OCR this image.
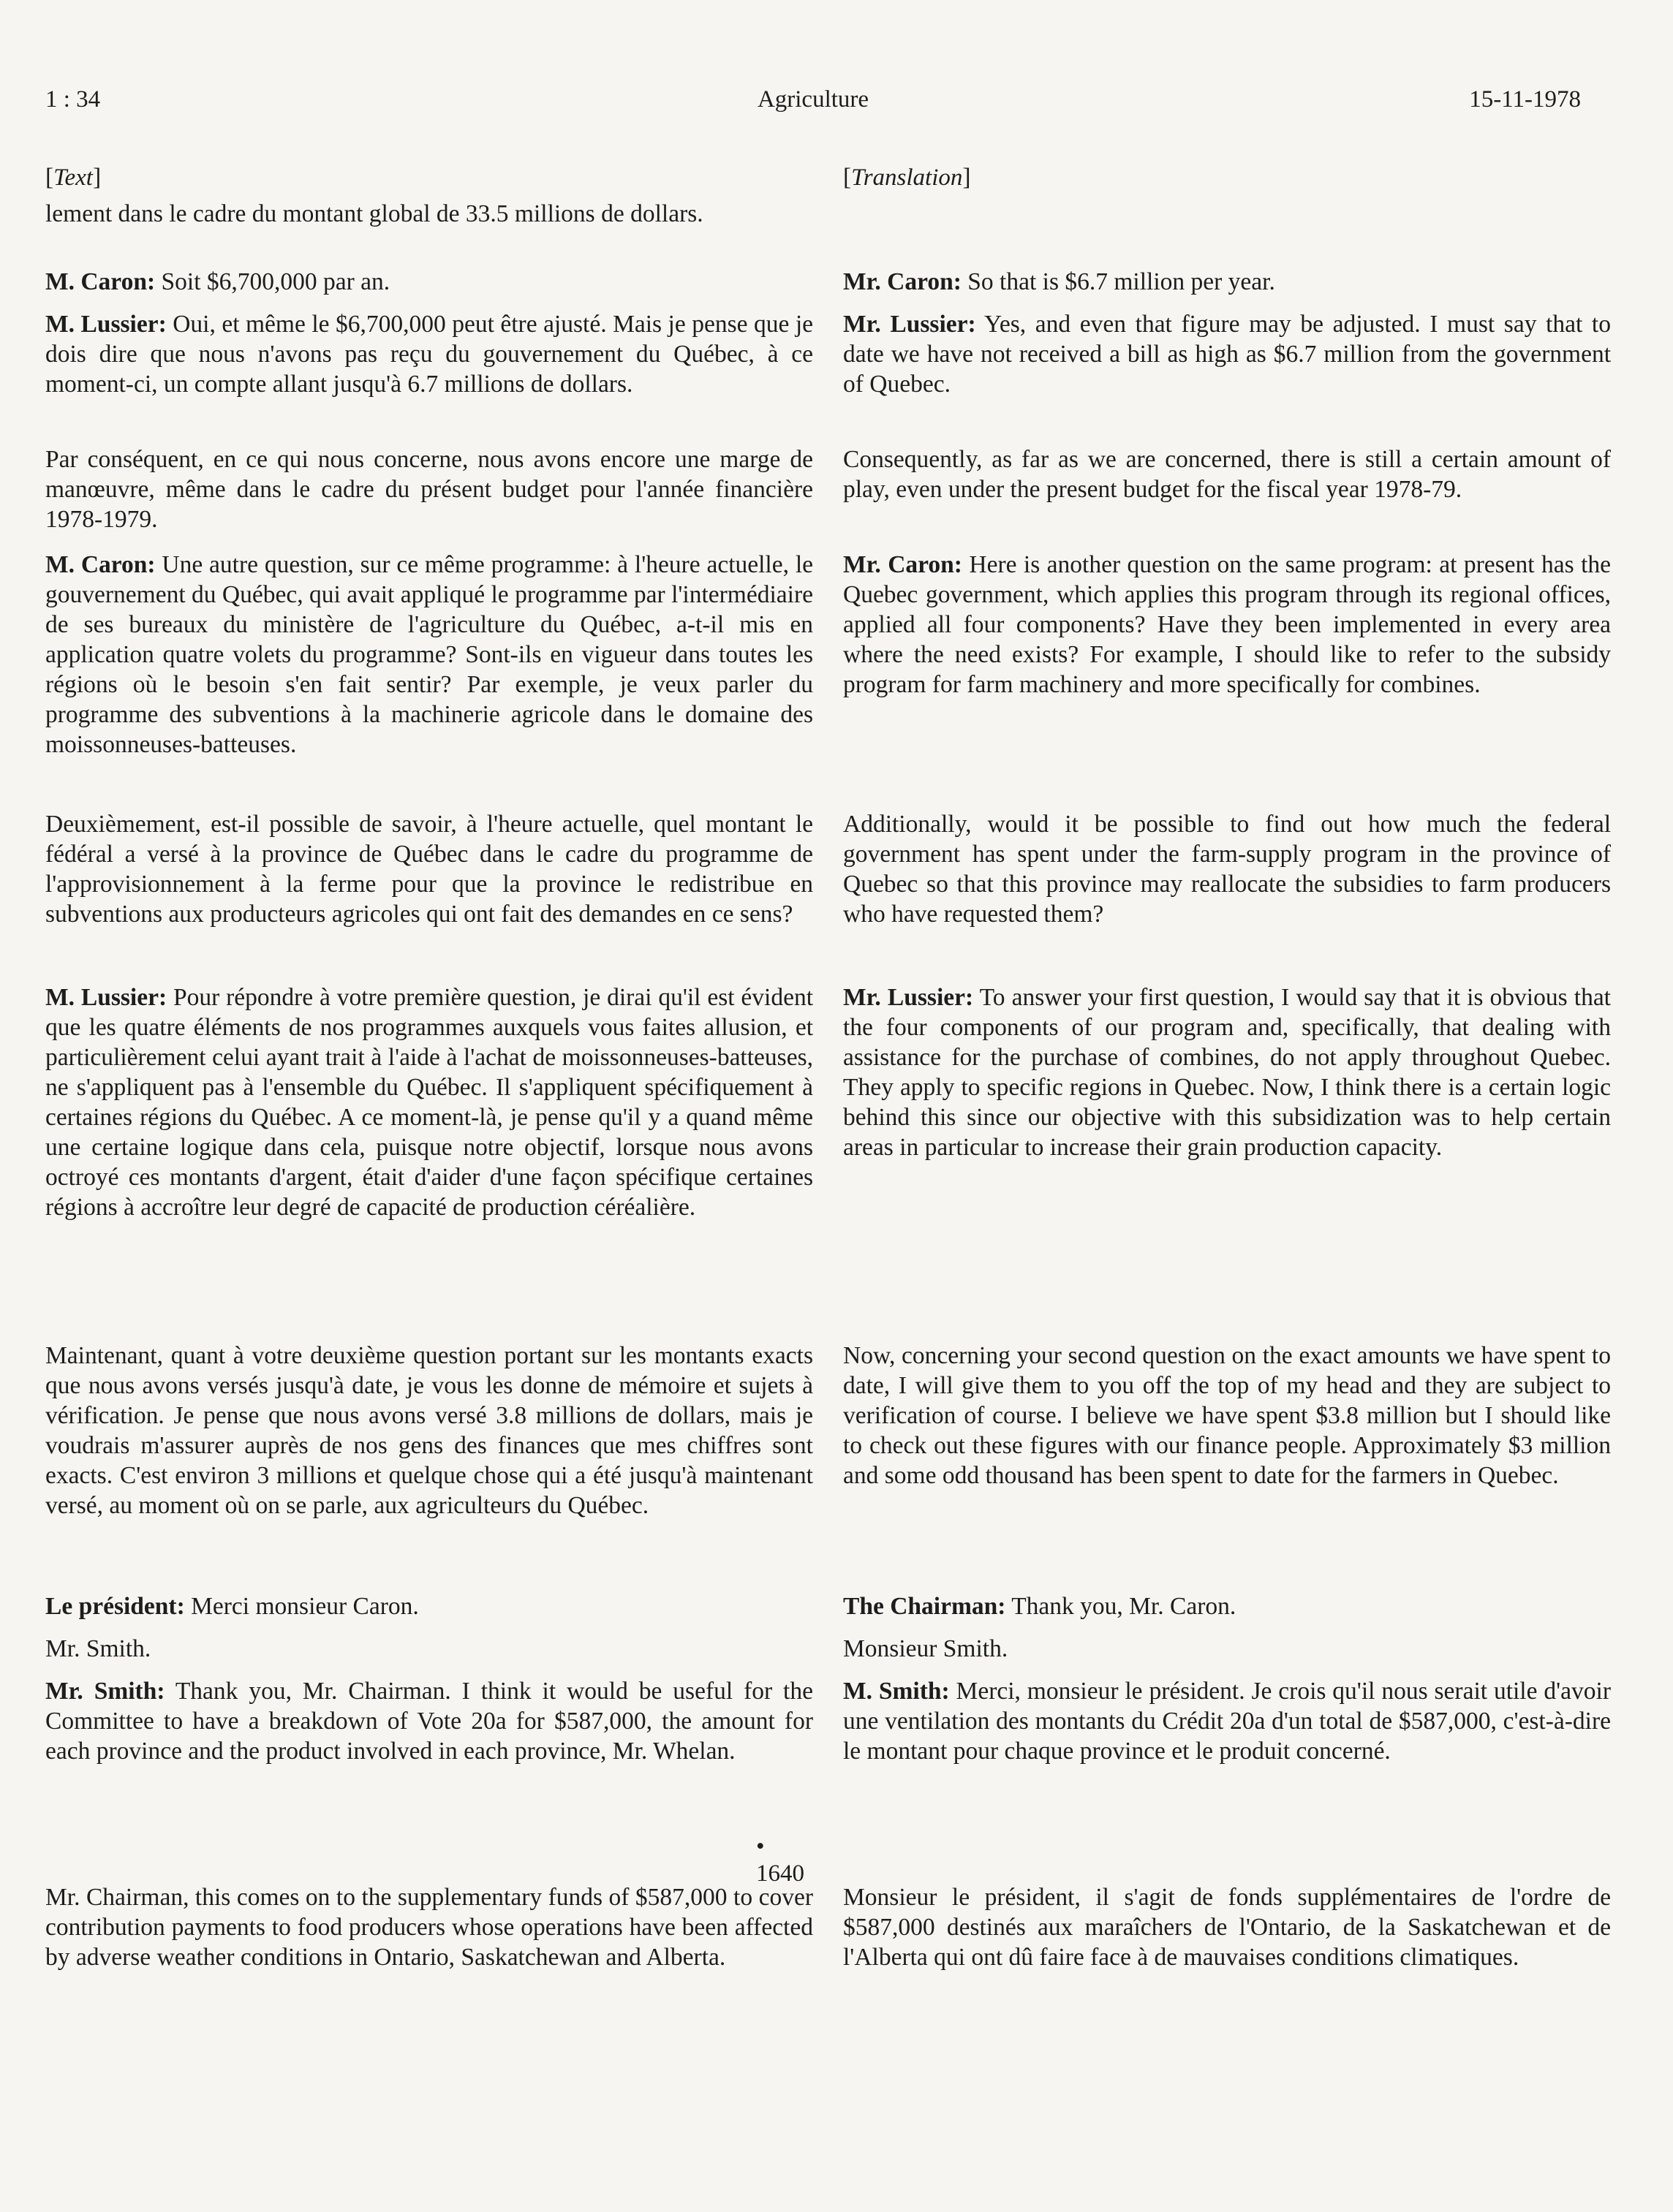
1 : 34	Agriculture	15-11-1978

[Text]

lement dans le cadre du montant global de 33.5 millions de dollars.

M. Caron: Soit $6,700,000 par an.

M. Lussier: Oui, et même le $6,700,000 peut être ajusté. Mais je pense que je dois dire que nous n'avons pas reçu du gouvernement du Québec, à ce moment-ci, un compte allant jusqu'à 6.7 millions de dollars.

Par conséquent, en ce qui nous concerne, nous avons encore une marge de manœuvre, même dans le cadre du présent budget pour l'année financière 1978-1979.

M. Caron: Une autre question, sur ce même programme: à l'heure actuelle, le gouvernement du Québec, qui avait appliqué le programme par l'intermédiaire de ses bureaux du ministère de l'agriculture du Québec, a-t-il mis en application quatre volets du programme? Sont-ils en vigueur dans toutes les régions où le besoin s'en fait sentir? Par exemple, je veux parler du programme des subventions à la machinerie agricole dans le domaine des moissonneuses-batteuses.

Deuxièmement, est-il possible de savoir, à l'heure actuelle, quel montant le fédéral a versé à la province de Québec dans le cadre du programme de l'approvisionnement à la ferme pour que la province le redistribue en subventions aux producteurs agricoles qui ont fait des demandes en ce sens?

M. Lussier: Pour répondre à votre première question, je dirai qu'il est évident que les quatre éléments de nos programmes auxquels vous faites allusion, et particulièrement celui ayant trait à l'aide à l'achat de moissonneuses-batteuses, ne s'appliquent pas à l'ensemble du Québec. Il s'appliquent spécifiquement à certaines régions du Québec. A ce moment-là, je pense qu'il y a quand même une certaine logique dans cela, puisque notre objectif, lorsque nous avons octroyé ces montants d'argent, était d'aider d'une façon spécifique certaines régions à accroître leur degré de capacité de production céréalière.

Maintenant, quant à votre deuxième question portant sur les montants exacts que nous avons versés jusqu'à date, je vous les donne de mémoire et sujets à vérification. Je pense que nous avons versé 3.8 millions de dollars, mais je voudrais m'assurer auprès de nos gens des finances que mes chiffres sont exacts. C'est environ 3 millions et quelque chose qui a été jusqu'à maintenant versé, au moment où on se parle, aux agriculteurs du Québec.

Le président: Merci monsieur Caron.

Mr. Smith.

Mr. Smith: Thank you, Mr. Chairman. I think it would be useful for the Committee to have a breakdown of Vote 20a for $587,000, the amount for each province and the product involved in each province, Mr. Whelan.

• 1640

Mr. Chairman, this comes on to the supplementary funds of $587,000 to cover contribution payments to food producers whose operations have been affected by adverse weather conditions in Ontario, Saskatchewan and Alberta.

[Translation]

Mr. Caron: So that is $6.7 million per year.

Mr. Lussier: Yes, and even that figure may be adjusted. I must say that to date we have not received a bill as high as $6.7 million from the government of Quebec.

Consequently, as far as we are concerned, there is still a certain amount of play, even under the present budget for the fiscal year 1978-79.

Mr. Caron: Here is another question on the same program: at present has the Quebec government, which applies this program through its regional offices, applied all four components? Have they been implemented in every area where the need exists? For example, I should like to refer to the subsidy program for farm machinery and more specifically for combines.

Additionally, would it be possible to find out how much the federal government has spent under the farm-supply program in the province of Quebec so that this province may reallocate the subsidies to farm producers who have requested them?

Mr. Lussier: To answer your first question, I would say that it is obvious that the four components of our program and, specifically, that dealing with assistance for the purchase of combines, do not apply throughout Quebec. They apply to specific regions in Quebec. Now, I think there is a certain logic behind this since our objective with this subsidization was to help certain areas in particular to increase their grain production capacity.

Now, concerning your second question on the exact amounts we have spent to date, I will give them to you off the top of my head and they are subject to verification of course. I believe we have spent $3.8 million but I should like to check out these figures with our finance people. Approximately $3 million and some odd thousand has been spent to date for the farmers in Quebec.

The Chairman: Thank you, Mr. Caron.

Monsieur Smith.

M. Smith: Merci, monsieur le président. Je crois qu'il nous serait utile d'avoir une ventilation des montants du Crédit 20a d'un total de $587,000, c'est-à-dire le montant pour chaque province et le produit concerné.

Monsieur le président, il s'agit de fonds supplémentaires de l'ordre de $587,000 destinés aux maraîchers de l'Ontario, de la Saskatchewan et de l'Alberta qui ont dû faire face à de mauvaises conditions climatiques.
